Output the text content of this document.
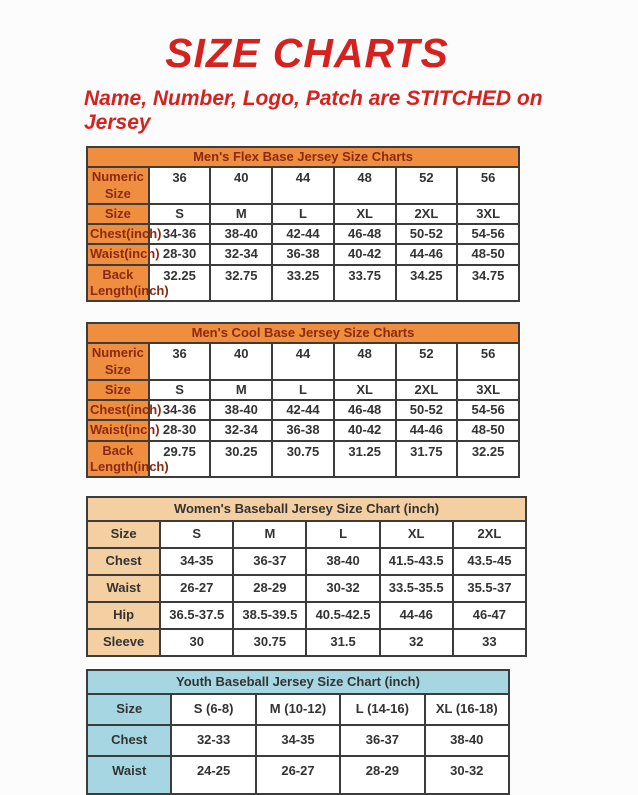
SIZE CHARTS

Name, Number, Logo, Patch are STITCHED on Jersey

Men's Flex Base Jersey Size Charts						
Numeric Size	36	40	44	48	52	56
Size	S	M	L	XL	2XL	3XL
Chest(inch)	34-36	38-40	42-44	46-48	50-52	54-56
Waist(inch)	28-30	32-34	36-38	40-42	44-46	48-50
Back Length(inch)	32.25	32.75	33.25	33.75	34.25	34.75
Men's Cool Base Jersey Size Charts						
Numeric Size	36	40	44	48	52	56
Size	S	M	L	XL	2XL	3XL
Chest(inch)	34-36	38-40	42-44	46-48	50-52	54-56
Waist(inch)	28-30	32-34	36-38	40-42	44-46	48-50
Back Length(inch)	29.75	30.25	30.75	31.25	31.75	32.25
Women's Baseball Jersey Size Chart (inch)					
Size	S	M	L	XL	2XL
Chest	34-35	36-37	38-40	41.5-43.5	43.5-45
Waist	26-27	28-29	30-32	33.5-35.5	35.5-37
Hip	36.5-37.5	38.5-39.5	40.5-42.5	44-46	46-47
Sleeve	30	30.75	31.5	32	33
Youth Baseball Jersey Size Chart (inch)				
Size	S (6-8)	M (10-12)	L (14-16)	XL (16-18)
Chest	32-33	34-35	36-37	38-40
Waist	24-25	26-27	28-29	30-32
